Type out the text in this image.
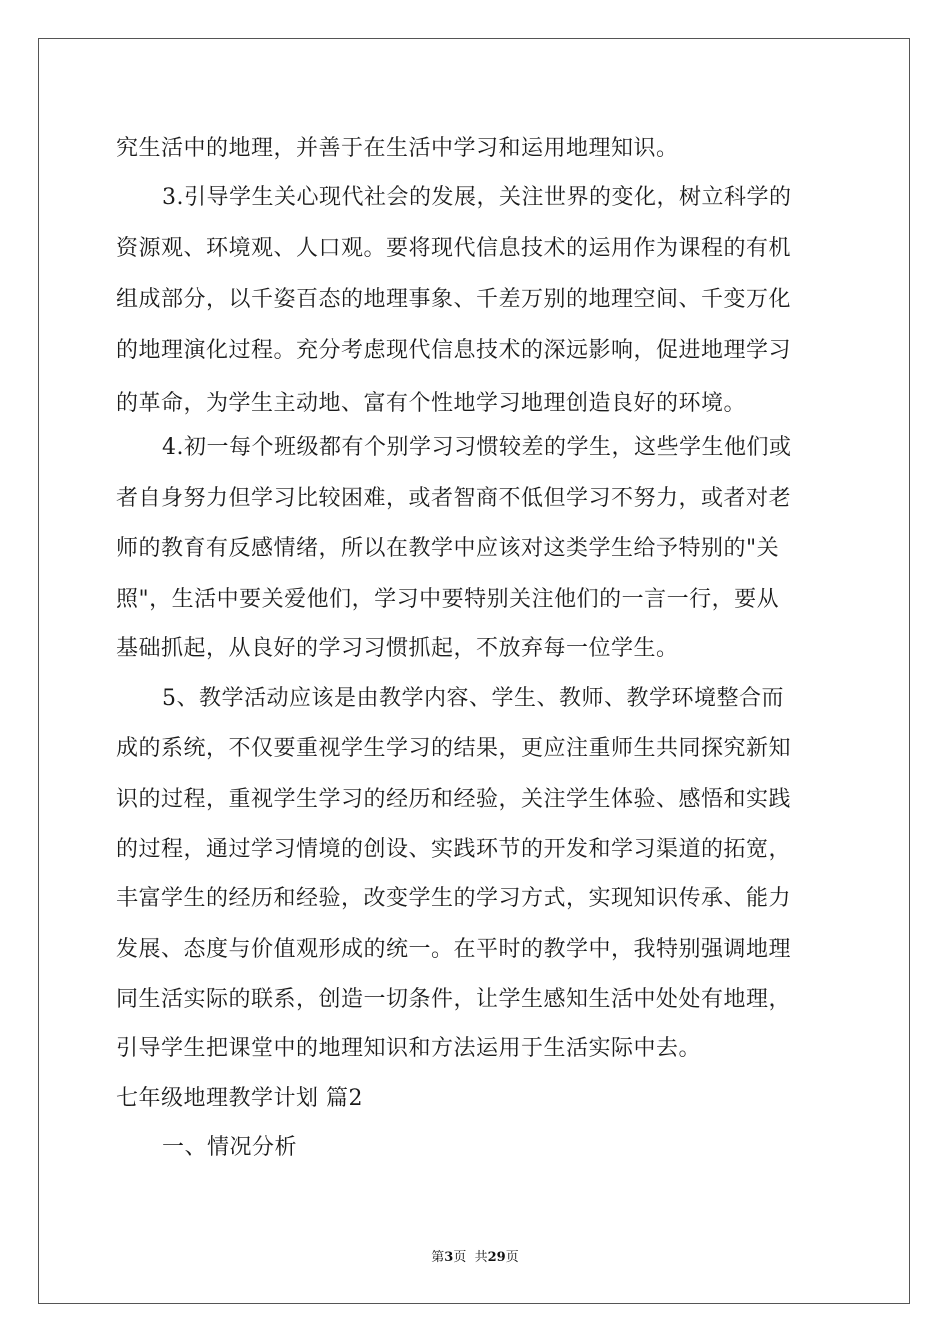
究生活中的地理，并善于在生活中学习和运用地理知识。
3.引导学生关心现代社会的发展，关注世界的变化，树立科学的
资源观、环境观、人口观。要将现代信息技术的运用作为课程的有机
组成部分，以千姿百态的地理事象、千差万别的地理空间、千变万化
的地理演化过程。充分考虑现代信息技术的深远影响，促进地理学习
的革命，为学生主动地、富有个性地学习地理创造良好的环境。
4.初一每个班级都有个别学习习惯较差的学生，这些学生他们或
者自身努力但学习比较困难，或者智商不低但学习不努力，或者对老
师的教育有反感情绪，所以在教学中应该对这类学生给予特别的"关
照"，生活中要关爱他们，学习中要特别关注他们的一言一行，要从
基础抓起，从良好的学习习惯抓起，不放弃每一位学生。
5、教学活动应该是由教学内容、学生、教师、教学环境整合而
成的系统，不仅要重视学生学习的结果，更应注重师生共同探究新知
识的过程，重视学生学习的经历和经验，关注学生体验、感悟和实践
的过程，通过学习情境的创设、实践环节的开发和学习渠道的拓宽，
丰富学生的经历和经验，改变学生的学习方式，实现知识传承、能力
发展、态度与价值观形成的统一。在平时的教学中，我特别强调地理
同生活实际的联系，创造一切条件，让学生感知生活中处处有地理，
引导学生把课堂中的地理知识和方法运用于生活实际中去。
七年级地理教学计划 篇2
一、情况分析
第3页  共29页
